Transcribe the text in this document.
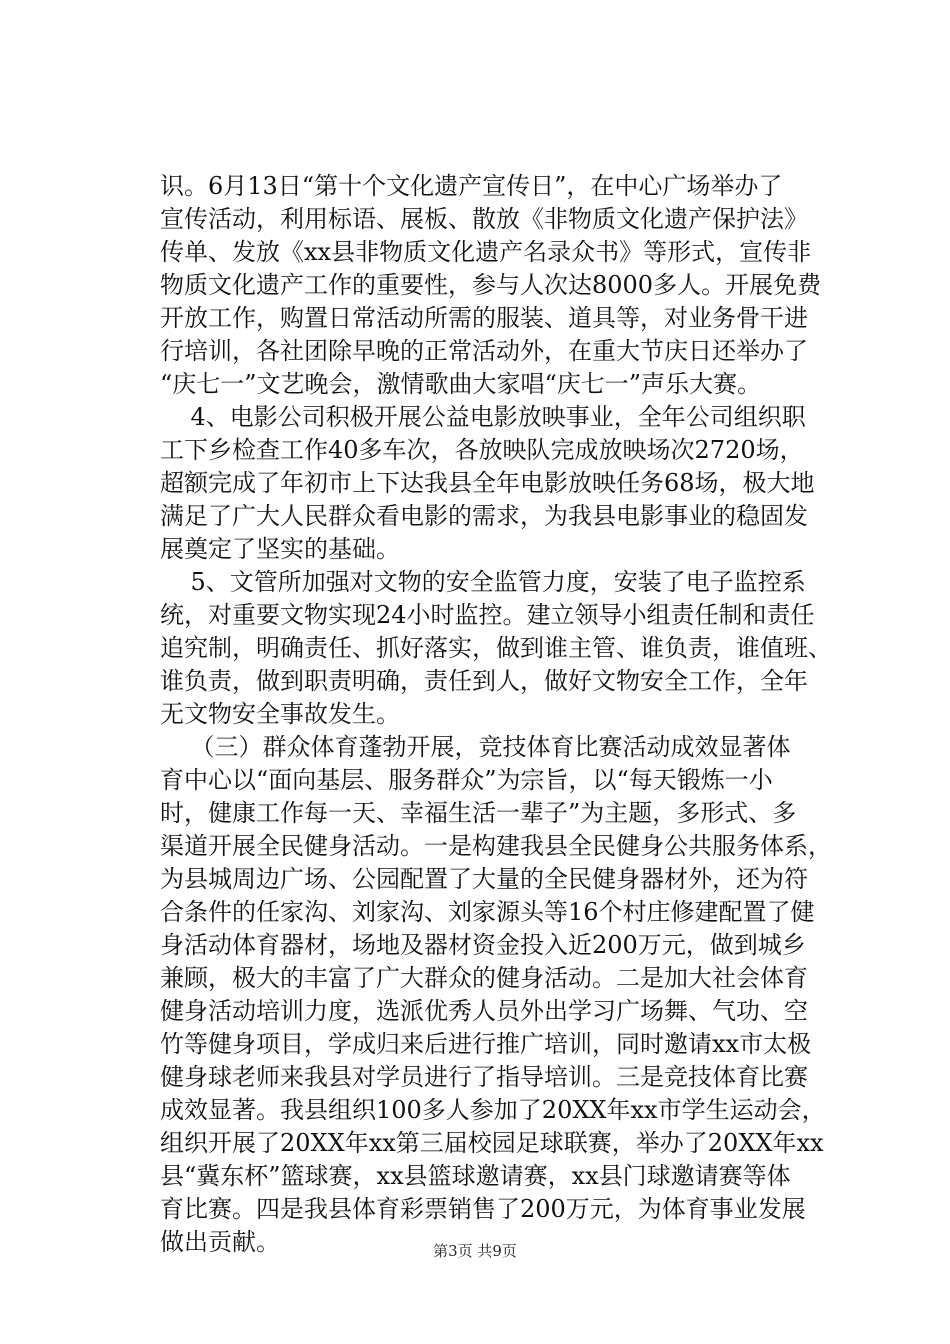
识。6月13日“第十个文化遗产宣传日”，在中心广场举办了
宣传活动，利用标语、展板、散放《非物质文化遗产保护法》
传单、发放《xx县非物质文化遗产名录众书》等形式，宣传非
物质文化遗产工作的重要性，参与人次达8000多人。开展免费
开放工作，购置日常活动所需的服装、道具等，对业务骨干进
行培训，各社团除早晚的正常活动外，在重大节庆日还举办了
“庆七一”文艺晚会，激情歌曲大家唱“庆七一”声乐大赛。
4、电影公司积极开展公益电影放映事业，全年公司组织职
工下乡检查工作40多车次，各放映队完成放映场次2720场，
超额完成了年初市上下达我县全年电影放映任务68场，极大地
满足了广大人民群众看电影的需求，为我县电影事业的稳固发
展奠定了坚实的基础。
5、文管所加强对文物的安全监管力度，安装了电子监控系
统，对重要文物实现24小时监控。建立领导小组责任制和责任
追究制，明确责任、抓好落实，做到谁主管、谁负责，谁值班、
谁负责，做到职责明确，责任到人，做好文物安全工作，全年
无文物安全事故发生。
（三）群众体育蓬勃开展，竞技体育比赛活动成效显著体
育中心以“面向基层、服务群众”为宗旨，以“每天锻炼一小
时，健康工作每一天、幸福生活一辈子”为主题，多形式、多
渠道开展全民健身活动。一是构建我县全民健身公共服务体系，
为县城周边广场、公园配置了大量的全民健身器材外，还为符
合条件的任家沟、刘家沟、刘家源头等16个村庄修建配置了健
身活动体育器材，场地及器材资金投入近200万元，做到城乡
兼顾，极大的丰富了广大群众的健身活动。二是加大社会体育
健身活动培训力度，选派优秀人员外出学习广场舞、气功、空
竹等健身项目，学成归来后进行推广培训，同时邀请xx市太极
健身球老师来我县对学员进行了指导培训。三是竞技体育比赛
成效显著。我县组织100多人参加了20XX年xx市学生运动会，
组织开展了20XX年xx第三届校园足球联赛，举办了20XX年xx
县“冀东杯”篮球赛，xx县篮球邀请赛，xx县门球邀请赛等体
育比赛。四是我县体育彩票销售了200万元，为体育事业发展
做出贡献。	第3页 共9页
